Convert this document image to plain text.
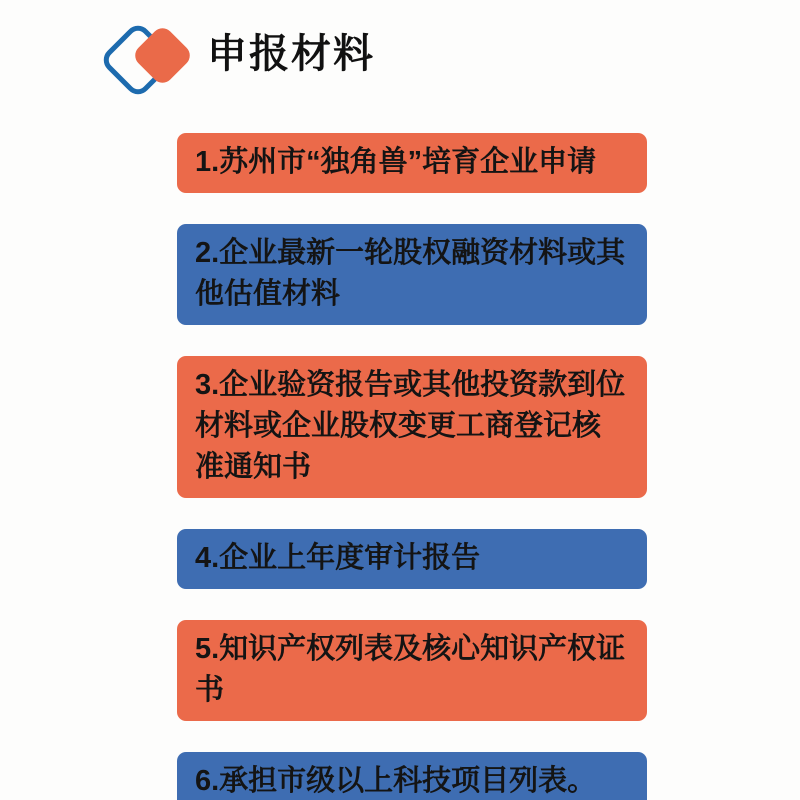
申报材料
1.苏州市“独角兽”培育企业申请
2.企业最新一轮股权融资材料或其他估值材料
3.企业验资报告或其他投资款到位材料或企业股权变更工商登记核准通知书
4.企业上年度审计报告
5.知识产权列表及核心知识产权证书
6.承担市级以上科技项目列表。
